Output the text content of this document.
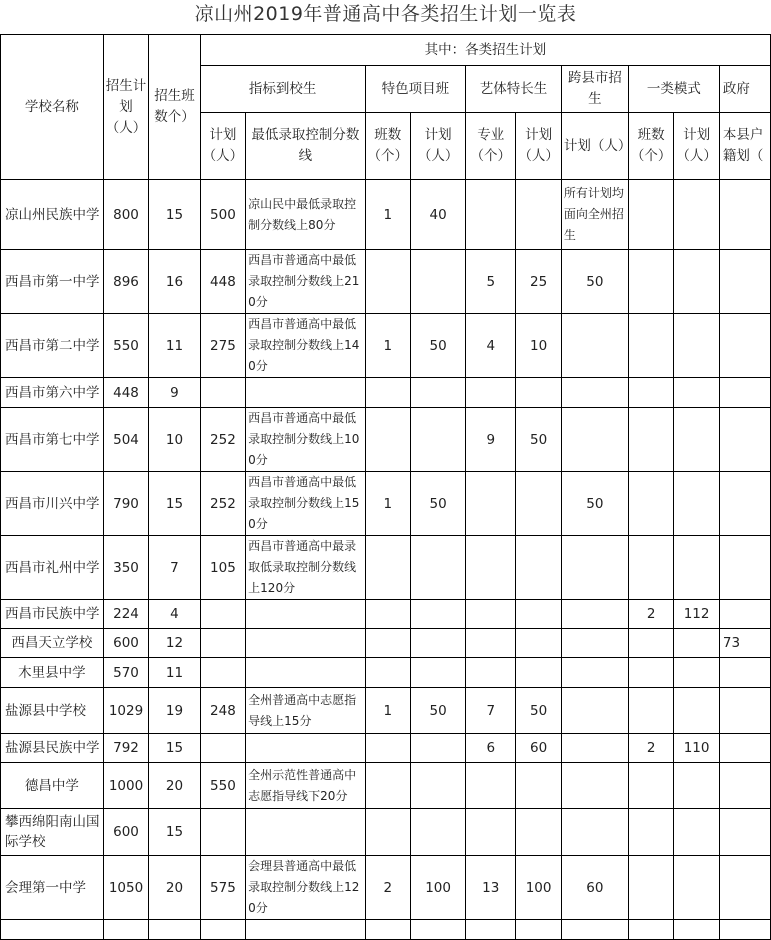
凉山州2019年普通高中各类招生计划一览表
学校名称	招生计划（人）	招生班数个）	其中：各类招生计划									
			指标到校生		特色项目班		艺体特长生		跨县市招生	一类模式		政府
			计划（人）	最低录取控制分数线	班数（个）	计划（人）	专业（个）	计划（人）	计划（人）	班数（个）	计划（人）	本县户籍划（
凉山州民族中学	800	15	500	凉山民中最低录取控制分数线上80分	1	40			所有计划均面向全州招生			
西昌市第一中学	896	16	448	西昌市普通高中最低录取控制分数线上210分			5	25	50			
西昌市第二中学	550	11	275	西昌市普通高中最低录取控制分数线上140分	1	50	4	10				
西昌市第六中学	448	9										
西昌市第七中学	504	10	252	西昌市普通高中最低录取控制分数线上100分			9	50				
西昌市川兴中学	790	15	252	西昌市普通高中最低录取控制分数线上150分	1	50			50			
西昌市礼州中学	350	7	105	西昌市普通高中最录取低录取控制分数线上120分								
西昌市民族中学	224	4								2	112	
西昌天立学校	600	12										73
木里县中学	570	11										
盐源县中学校	1029	19	248	全州普通高中志愿指导线上15分	1	50	7	50				
盐源县民族中学	792	15					6	60		2	110	
德昌中学	1000	20	550	全州示范性普通高中志愿指导线下20分								
攀西绵阳南山国际学校	600	15										
会理第一中学	1050	20	575	会理县普通高中最低录取控制分数线上120分	2	100	13	100	60			
